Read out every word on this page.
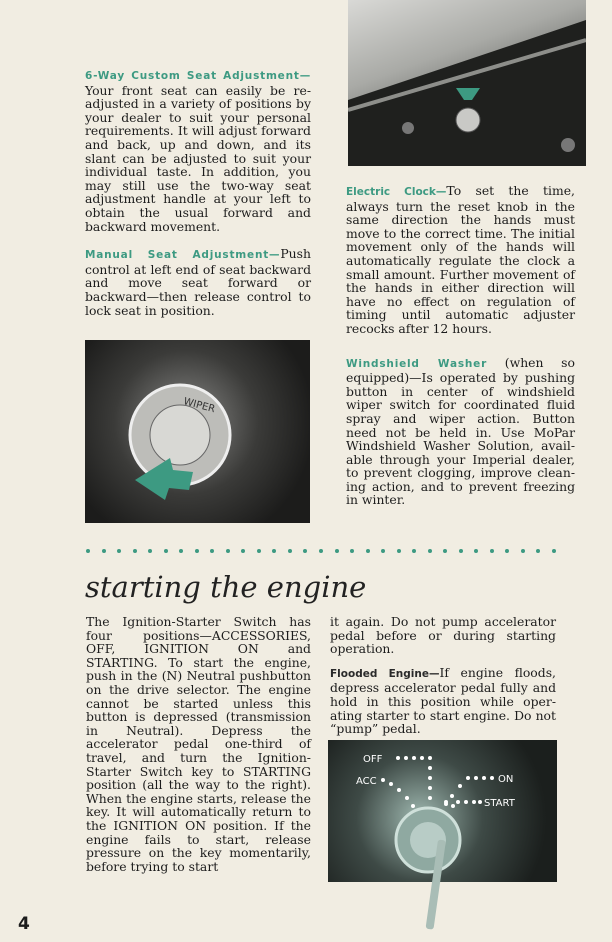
6-Way Custom Seat Adjustment— Your front seat can easily be readjusted in a variety of positions by your dealer to suit your personal requirements. It will adjust forward and back, up and down, and its slant can be adjusted to suit your individual taste. In addition, you may still use the two-way seat adjustment handle at your left to obtain the usual forward and backward movement.

Manual Seat Adjustment—Push control at left end of seat backward and move seat forward or backward—then release control to lock seat in position.

WIPER

Electric Clock—To set the time, always turn the reset knob in the same direction the hands must move to the correct time. The initial movement only of the hands will automatically regulate the clock a small amount. Further movement of the hands in either direction will have no effect on regulation of timing until automatic adjuster recocks after 12 hours.

Windshield Washer (when so equipped)—Is operated by pushing button in center of windshield wiper switch for coordinated fluid spray and wiper action. Button need not be held in. Use MoPar Windshield Washer Solution, available through your Imperial dealer, to prevent clogging, improve cleaning action, and to prevent freezing in winter.

starting the engine

The Ignition-Starter Switch has four positions—ACCESSORIES, OFF, IGNITION ON and STARTING. To start the engine, push in the (N) Neutral pushbutton on the drive selector. The engine cannot be started unless this button is depressed (transmission in Neutral). Depress the accelerator pedal one-third of travel, and turn the Ignition-Starter Switch key to STARTING position (all the way to the right). When the engine starts, release the key. It will automatically return to the IGNITION ON position. If the engine fails to start, release pressure on the key momentarily, before trying to start

it again. Do not pump accelerator pedal before or during starting operation.

Flooded Engine—If engine floods, depress accelerator pedal fully and hold in this position while operating starter to start engine. Do not “pump” pedal.

OFF
ACC	ON
START
4
